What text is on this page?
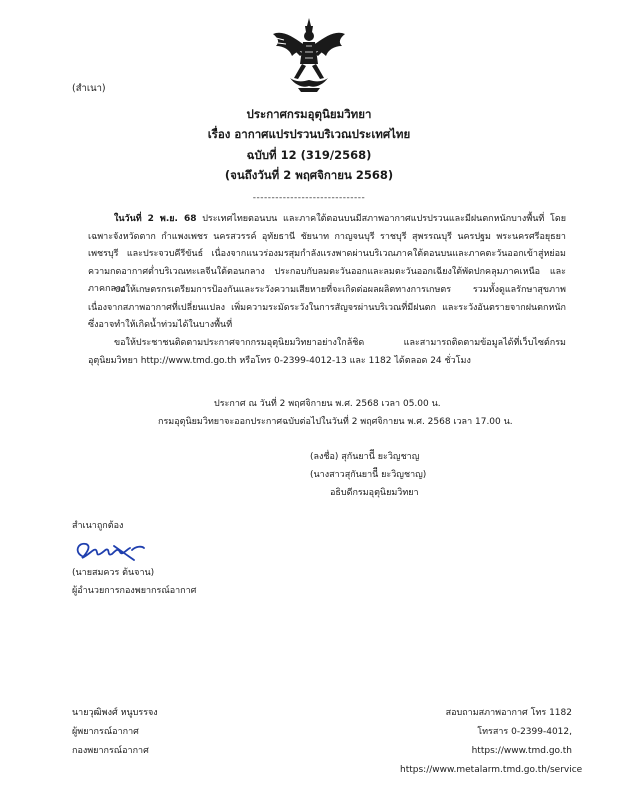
(สำเนา)
ประกาศกรมอุตุนิยมวิทยา
เรื่อง อากาศแปรปรวนบริเวณประเทศไทย
ฉบับที่ 12 (319/2568)
(จนถึงวันที่ 2 พฤศจิกายน 2568)
------------------------------
ในวันที่ 2 พ.ย. 68 ประเทศไทยตอนบน และภาคใต้ตอนบนมีสภาพอากาศแปรปรวนและมีฝนตกหนักบางพื้นที่ โดยเฉพาะจังหวัดตาก กำแพงเพชร นครสวรรค์ อุทัยธานี ชัยนาท กาญจนบุรี ราชบุรี สุพรรณบุรี นครปฐม พระนครศรีอยุธยา เพชรบุรี และประจวบคีรีขันธ์ เนื่องจากแนวร่องมรสุมกำลังแรงพาดผ่านบริเวณภาคใต้ตอนบนและภาคตะวันออกเข้าสู่หย่อมความกดอากาศต่ำบริเวณทะเลจีนใต้ตอนกลาง ประกอบกับลมตะวันออกและลมตะวันออกเฉียงใต้พัดปกคลุมภาคเหนือ และภาคกลาง
ขอให้เกษตรกรเตรียมการป้องกันและระวังความเสียหายที่จะเกิดต่อผลผลิตทางการเกษตร รวมทั้งดูแลรักษาสุขภาพเนื่องจากสภาพอากาศที่เปลี่ยนแปลง เพิ่มความระมัดระวังในการสัญจรผ่านบริเวณที่มีฝนตก และระวังอันตรายจากฝนตกหนักซึ่งอาจทำให้เกิดน้ำท่วมได้ในบางพื้นที่
ขอให้ประชาชนติดตามประกาศจากกรมอุตุนิยมวิทยาอย่างใกล้ชิด และสามารถติดตามข้อมูลได้ที่เว็บไซต์กรมอุตุนิยมวิทยา http://www.tmd.go.th หรือโทร 0-2399-4012-13 และ 1182 ได้ตลอด 24 ชั่วโมง
ประกาศ ณ วันที่ 2 พฤศจิกายน พ.ศ. 2568 เวลา 05.00 น.
กรมอุตุนิยมวิทยาจะออกประกาศฉบับต่อไปในวันที่ 2 พฤศจิกายน พ.ศ. 2568 เวลา 17.00 น.
(ลงชื่อ) สุกันยานีี ยะวิญชาญ
(นางสาวสุกันยานีี ยะวิญชาญ)
อธิบดีกรมอุตุนิยมวิทยา
สำเนาถูกต้อง
(นายสมควร ต้นจาน)
ผู้อำนวยการกองพยากรณ์อากาศ
นายวุฒิพงศ์ หนูบรรจง
ผู้พยากรณ์อากาศ
กองพยากรณ์อากาศ
สอบถามสภาพอากาศ โทร 1182
โทรสาร 0-2399-4012, https://www.tmd.go.th
https://www.metalarm.tmd.go.th/service
